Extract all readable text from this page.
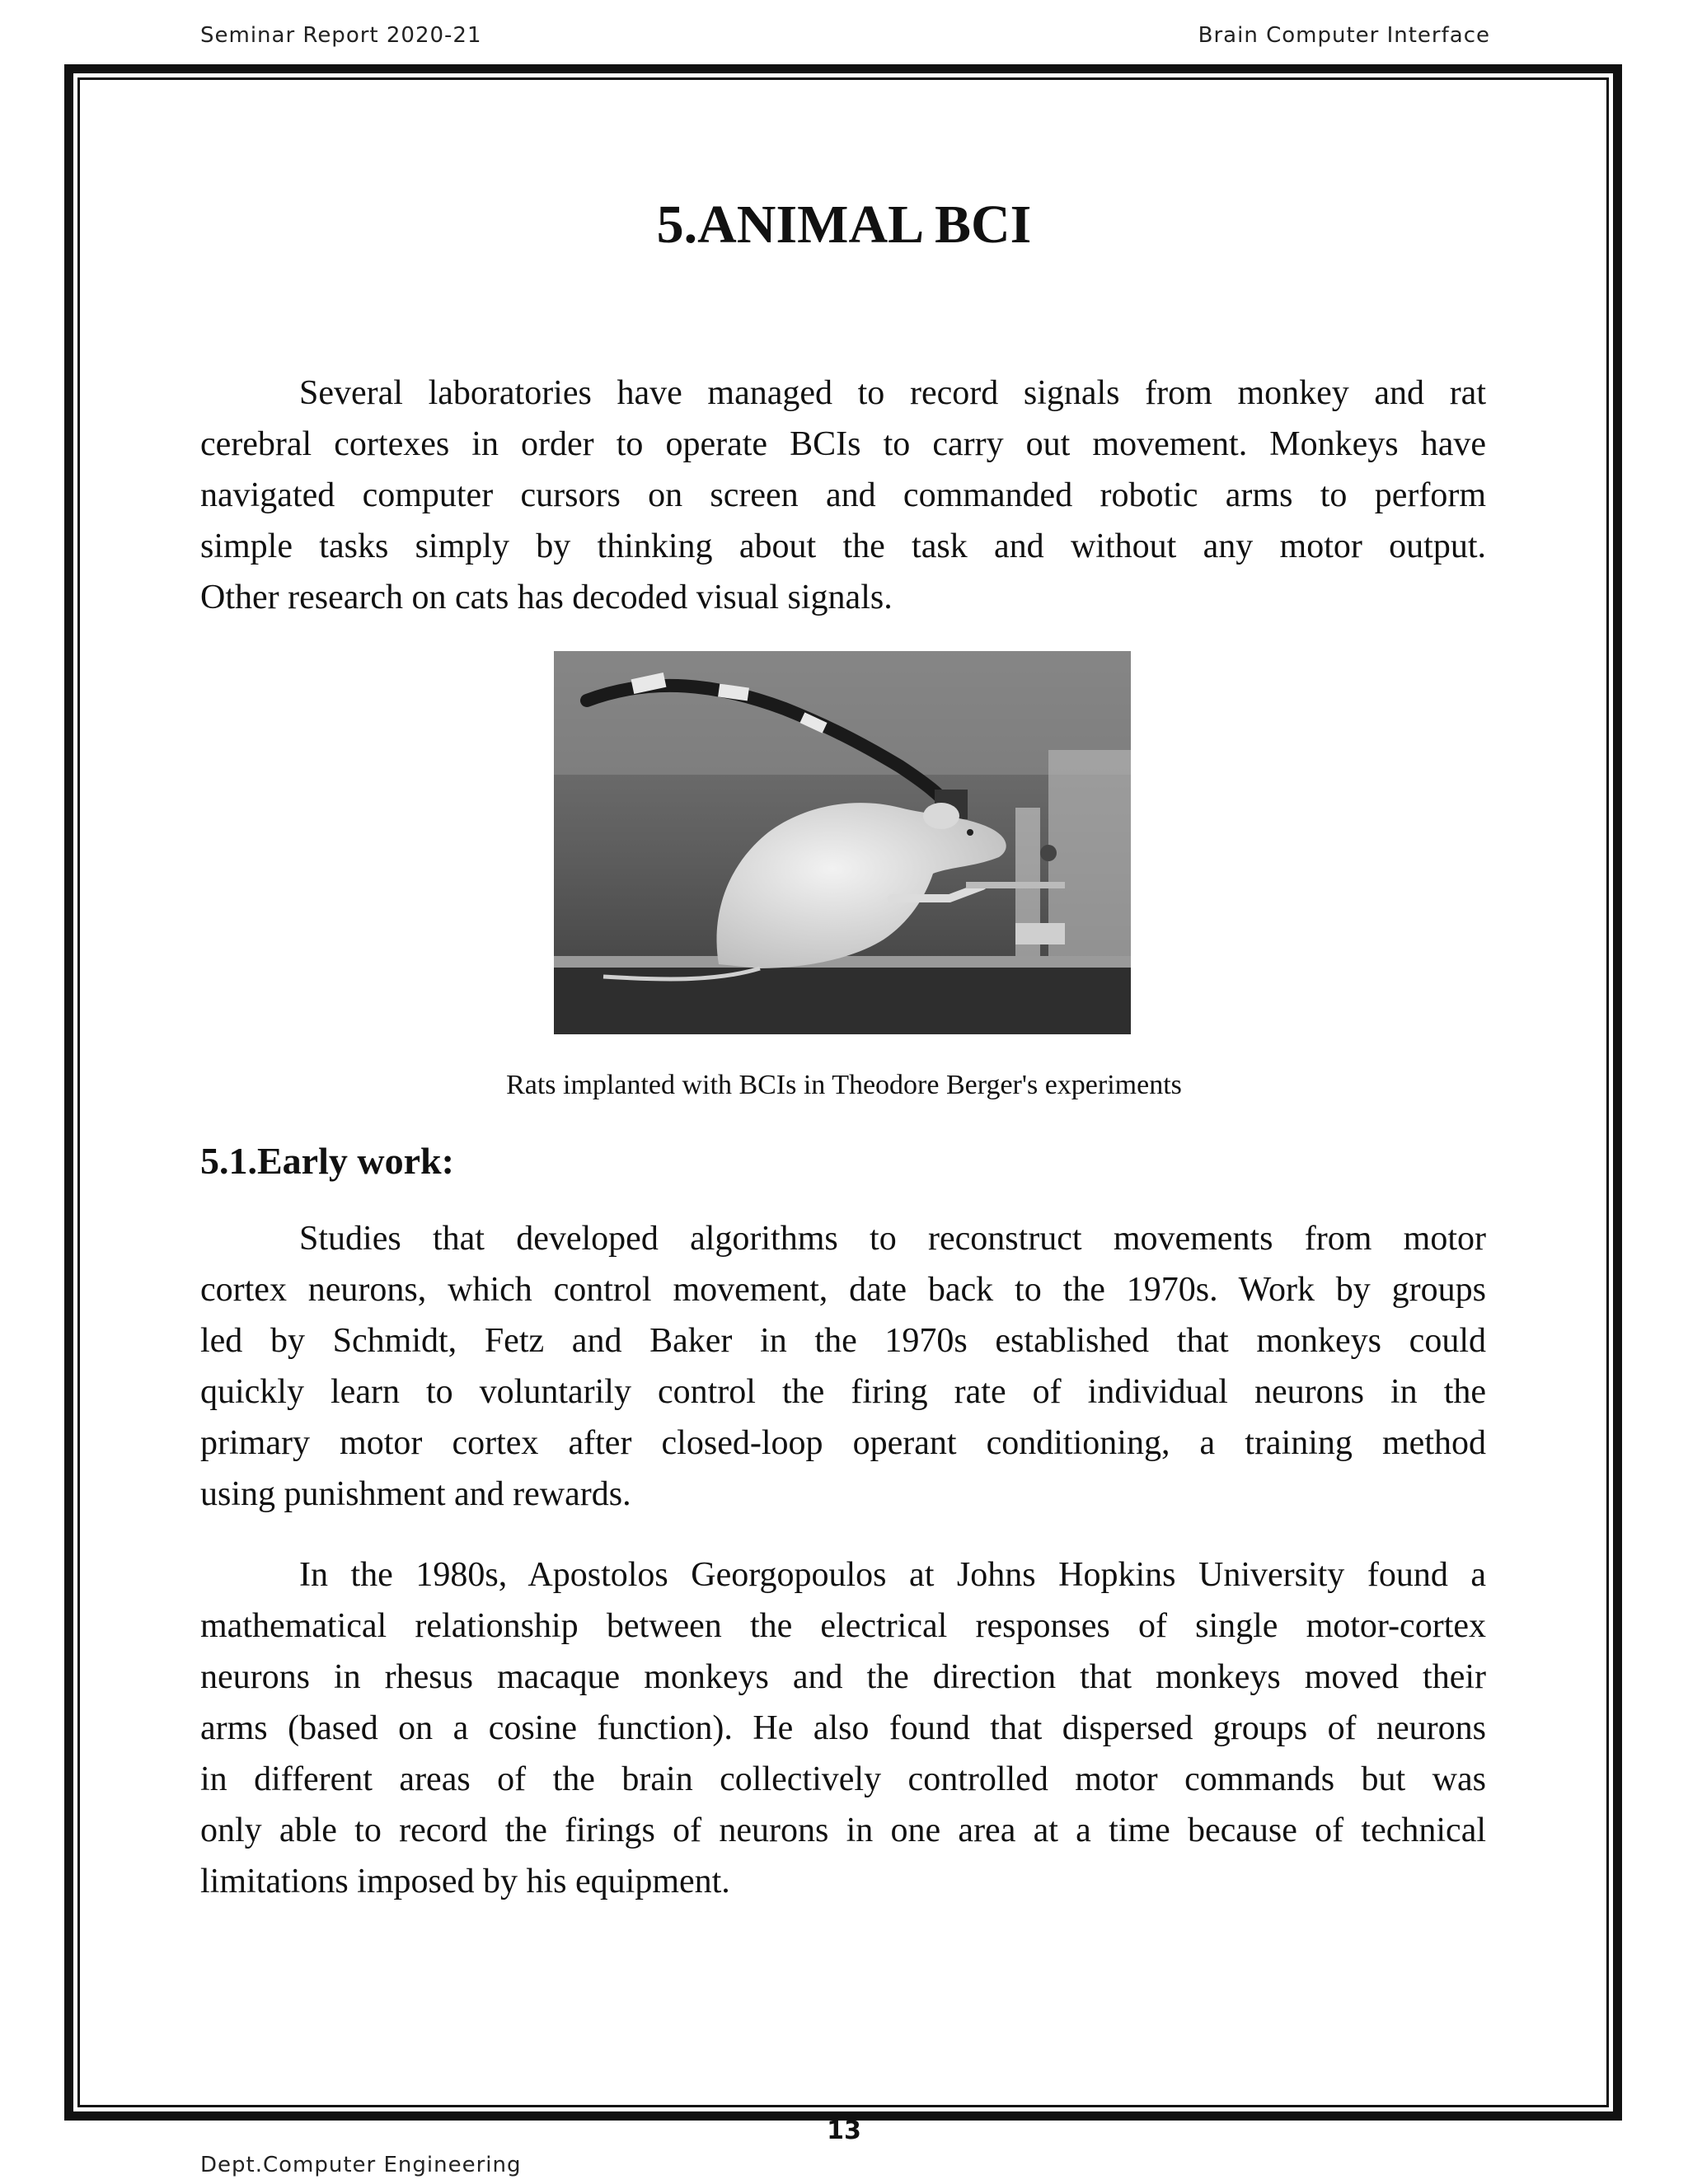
Seminar Report 2020-21	Brain Computer Interface
5.ANIMAL BCI

Several laboratories have managed to record signals from monkey and rat
cerebral cortexes in order to operate BCIs to carry out movement. Monkeys have
navigated computer cursors on screen and commanded robotic arms to perform
simple tasks simply by thinking about the task and without any motor output.
Other research on cats has decoded visual signals.

Rats implanted with BCIs in Theodore Berger's experiments
5.1.Early work:

Studies that developed algorithms to reconstruct movements from motor
cortex neurons, which control movement, date back to the 1970s. Work by groups
led by Schmidt, Fetz and Baker in the 1970s established that monkeys could
quickly learn to voluntarily control the firing rate of individual neurons in the
primary motor cortex after closed-loop operant conditioning, a training method
using punishment and rewards.

In the 1980s, Apostolos Georgopoulos at Johns Hopkins University found a
mathematical relationship between the electrical responses of single motor-cortex
neurons in rhesus macaque monkeys and the direction that monkeys moved their
arms (based on a cosine function). He also found that dispersed groups of neurons
in different areas of the brain collectively controlled motor commands but was
only able to record the firings of neurons in one area at a time because of technical
limitations imposed by his equipment.

13
Dept.Computer Engineering
